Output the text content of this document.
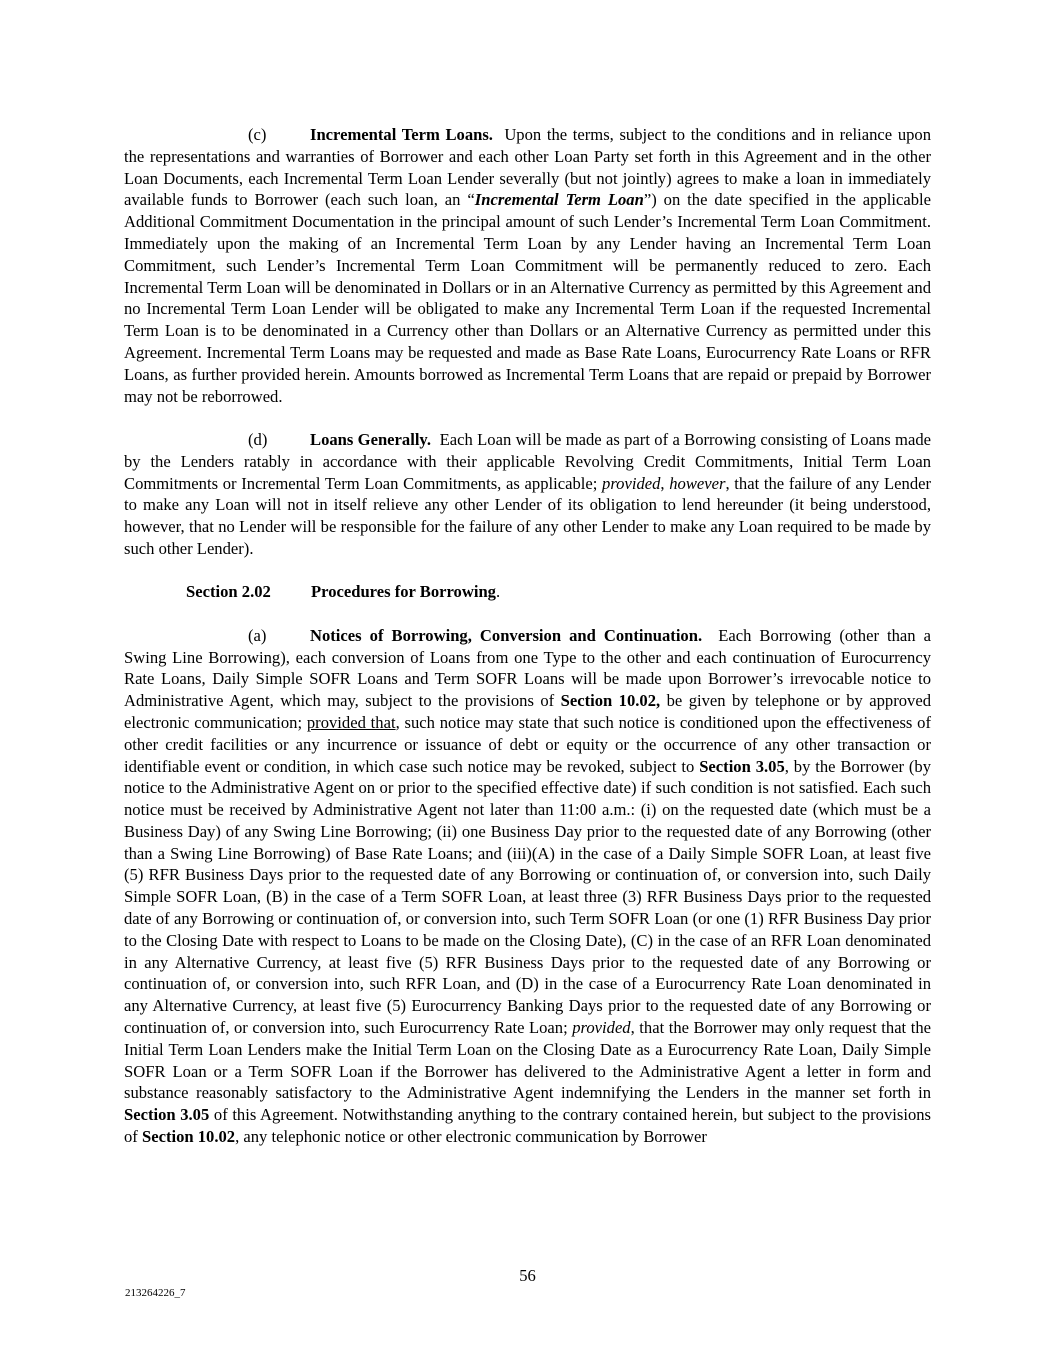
(c)	Incremental Term Loans. Upon the terms, subject to the conditions and in reliance upon the representations and warranties of Borrower and each other Loan Party set forth in this Agreement and in the other Loan Documents, each Incremental Term Loan Lender severally (but not jointly) agrees to make a loan in immediately available funds to Borrower (each such loan, an “Incremental Term Loan”) on the date specified in the applicable Additional Commitment Documentation in the principal amount of such Lender’s Incremental Term Loan Commitment. Immediately upon the making of an Incremental Term Loan by any Lender having an Incremental Term Loan Commitment, such Lender’s Incremental Term Loan Commitment will be permanently reduced to zero. Each Incremental Term Loan will be denominated in Dollars or in an Alternative Currency as permitted by this Agreement and no Incremental Term Loan Lender will be obligated to make any Incremental Term Loan if the requested Incremental Term Loan is to be denominated in a Currency other than Dollars or an Alternative Currency as permitted under this Agreement. Incremental Term Loans may be requested and made as Base Rate Loans, Eurocurrency Rate Loans or RFR Loans, as further provided herein. Amounts borrowed as Incremental Term Loans that are repaid or prepaid by Borrower may not be reborrowed.

(d)	Loans Generally. Each Loan will be made as part of a Borrowing consisting of Loans made by the Lenders ratably in accordance with their applicable Revolving Credit Commitments, Initial Term Loan Commitments or Incremental Term Loan Commitments, as applicable; provided, however, that the failure of any Lender to make any Loan will not in itself relieve any other Lender of its obligation to lend hereunder (it being understood, however, that no Lender will be responsible for the failure of any other Lender to make any Loan required to be made by such other Lender).

Section 2.02 Procedures for Borrowing.

(a)	Notices of Borrowing, Conversion and Continuation. Each Borrowing (other than a Swing Line Borrowing), each conversion of Loans from one Type to the other and each continuation of Eurocurrency Rate Loans, Daily Simple SOFR Loans and Term SOFR Loans will be made upon Borrower’s irrevocable notice to Administrative Agent, which may, subject to the provisions of Section 10.02, be given by telephone or by approved electronic communication; provided that, such notice may state that such notice is conditioned upon the effectiveness of other credit facilities or any incurrence or issuance of debt or equity or the occurrence of any other transaction or identifiable event or condition, in which case such notice may be revoked, subject to Section 3.05, by the Borrower (by notice to the Administrative Agent on or prior to the specified effective date) if such condition is not satisfied. Each such notice must be received by Administrative Agent not later than 11:00 a.m.: (i) on the requested date (which must be a Business Day) of any Swing Line Borrowing; (ii) one Business Day prior to the requested date of any Borrowing (other than a Swing Line Borrowing) of Base Rate Loans; and (iii)(A) in the case of a Daily Simple SOFR Loan, at least five (5) RFR Business Days prior to the requested date of any Borrowing or continuation of, or conversion into, such Daily Simple SOFR Loan, (B) in the case of a Term SOFR Loan, at least three (3) RFR Business Days prior to the requested date of any Borrowing or continuation of, or conversion into, such Term SOFR Loan (or one (1) RFR Business Day prior to the Closing Date with respect to Loans to be made on the Closing Date), (C) in the case of an RFR Loan denominated in any Alternative Currency, at least five (5) RFR Business Days prior to the requested date of any Borrowing or continuation of, or conversion into, such RFR Loan, and (D) in the case of a Eurocurrency Rate Loan denominated in any Alternative Currency, at least five (5) Eurocurrency Banking Days prior to the requested date of any Borrowing or continuation of, or conversion into, such Eurocurrency Rate Loan; provided, that the Borrower may only request that the Initial Term Loan Lenders make the Initial Term Loan on the Closing Date as a Eurocurrency Rate Loan, Daily Simple SOFR Loan or a Term SOFR Loan if the Borrower has delivered to the Administrative Agent a letter in form and substance reasonably satisfactory to the Administrative Agent indemnifying the Lenders in the manner set forth in Section 3.05 of this Agreement. Notwithstanding anything to the contrary contained herein, but subject to the provisions of Section 10.02, any telephonic notice or other electronic communication by Borrower

56
213264226_7
